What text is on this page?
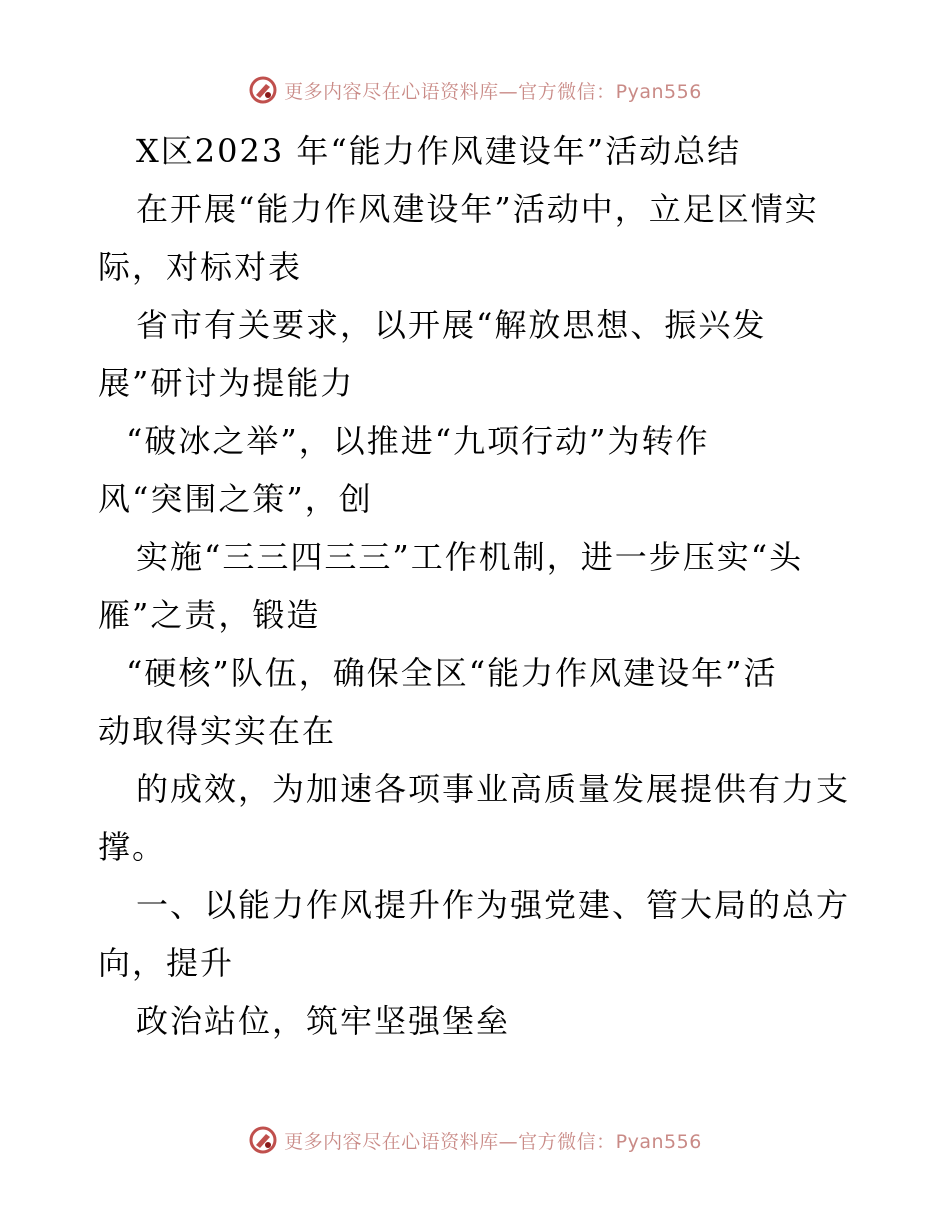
更多内容尽在心语资料库—官方微信：Pyan556
X区2023 年“能力作风建设年”活动总结
在开展“能力作风建设年”活动中，立足区情实
际，对标对表
省市有关要求，以开展“解放思想、振兴发
展”研讨为提能力
“破冰之举”，以推进“九项行动”为转作
风“突围之策”，创
实施“三三四三三”工作机制，进一步压实“头
雁”之责，锻造
“硬核”队伍，确保全区“能力作风建设年”活
动取得实实在在
的成效，为加速各项事业高质量发展提供有力支
撑。
一、以能力作风提升作为强党建、管大局的总方
向，提升
政治站位，筑牢坚强堡垒
更多内容尽在心语资料库—官方微信：Pyan556
